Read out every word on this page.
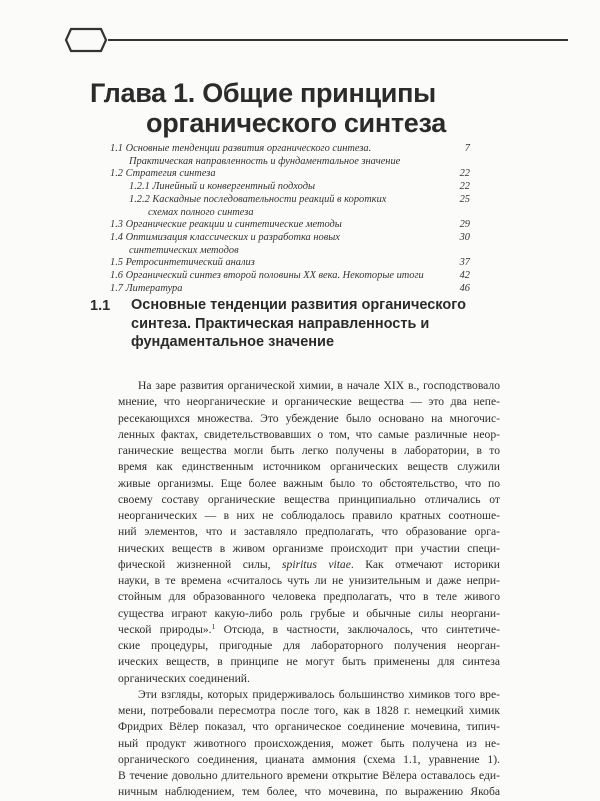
Глава 1. Общие принципы
органического синтеза
1.1 Основные тенденции развития органического синтеза.	7
Практическая направленность и фундаментальное значение
1.2 Стратегия синтеза	22
1.2.1 Линейный и конвергентный подходы	22
1.2.2 Каскадные последовательности реакций в коротких	25
схемах полного синтеза
1.3 Органические реакции и синтетические методы	29
1.4 Оптимизация классических и разработка новых	30
синтетических методов
1.5 Ретросинтетический анализ	37
1.6 Органический синтез второй половины XX века. Некоторые итоги	42
1.7 Литература	46
1.1 Основные тенденции развития органического
синтеза. Практическая направленность и
фундаментальное значение
На заре развития органической химии, в начале XIX в., господствовало
мнение, что неорганические и органические вещества — это два непе-
ресекающихся множества. Это убеждение было основано на многочис-
ленных фактах, свидетельствовавших о том, что самые различные неор-
ганические вещества могли быть легко получены в лаборатории, в то
время как единственным источником органических веществ служили
живые организмы. Еще более важным было то обстоятельство, что по
своему составу органические вещества принципиально отличались от
неорганических — в них не соблюдалось правило кратных соотноше-
ний элементов, что и заставляло предполагать, что образование орга-
нических веществ в живом организме происходит при участии специ-
фической жизненной силы, spiritus vitae. Как отмечают историки
науки, в те времена «считалось чуть ли не унизительным и даже непри-
стойным для образованного человека предполагать, что в теле живого
существа играют какую-либо роль грубые и обычные силы неоргани-
ческой природы».$^1$ Отсюда, в частности, заключалось, что синтетиче-
ские процедуры, пригодные для лабораторного получения неорган-
ических веществ, в принципе не могут быть применены для синтеза
органических соединений.
Эти взгляды, которых придерживалось большинство химиков того вре-
мени, потребовали пересмотра после того, как в 1828 г. немецкий химик
Фридрих Вёлер показал, что органическое соединение мочевина, типич-
ный продукт животного происхождения, может быть получена из не-
органического соединения, цианата аммония (схема 1.1, уравнение 1).
В течение довольно длительного времени открытие Вёлера оставалось еди-
ничным наблюдением, тем более, что мочевина, по выражению Якоба
